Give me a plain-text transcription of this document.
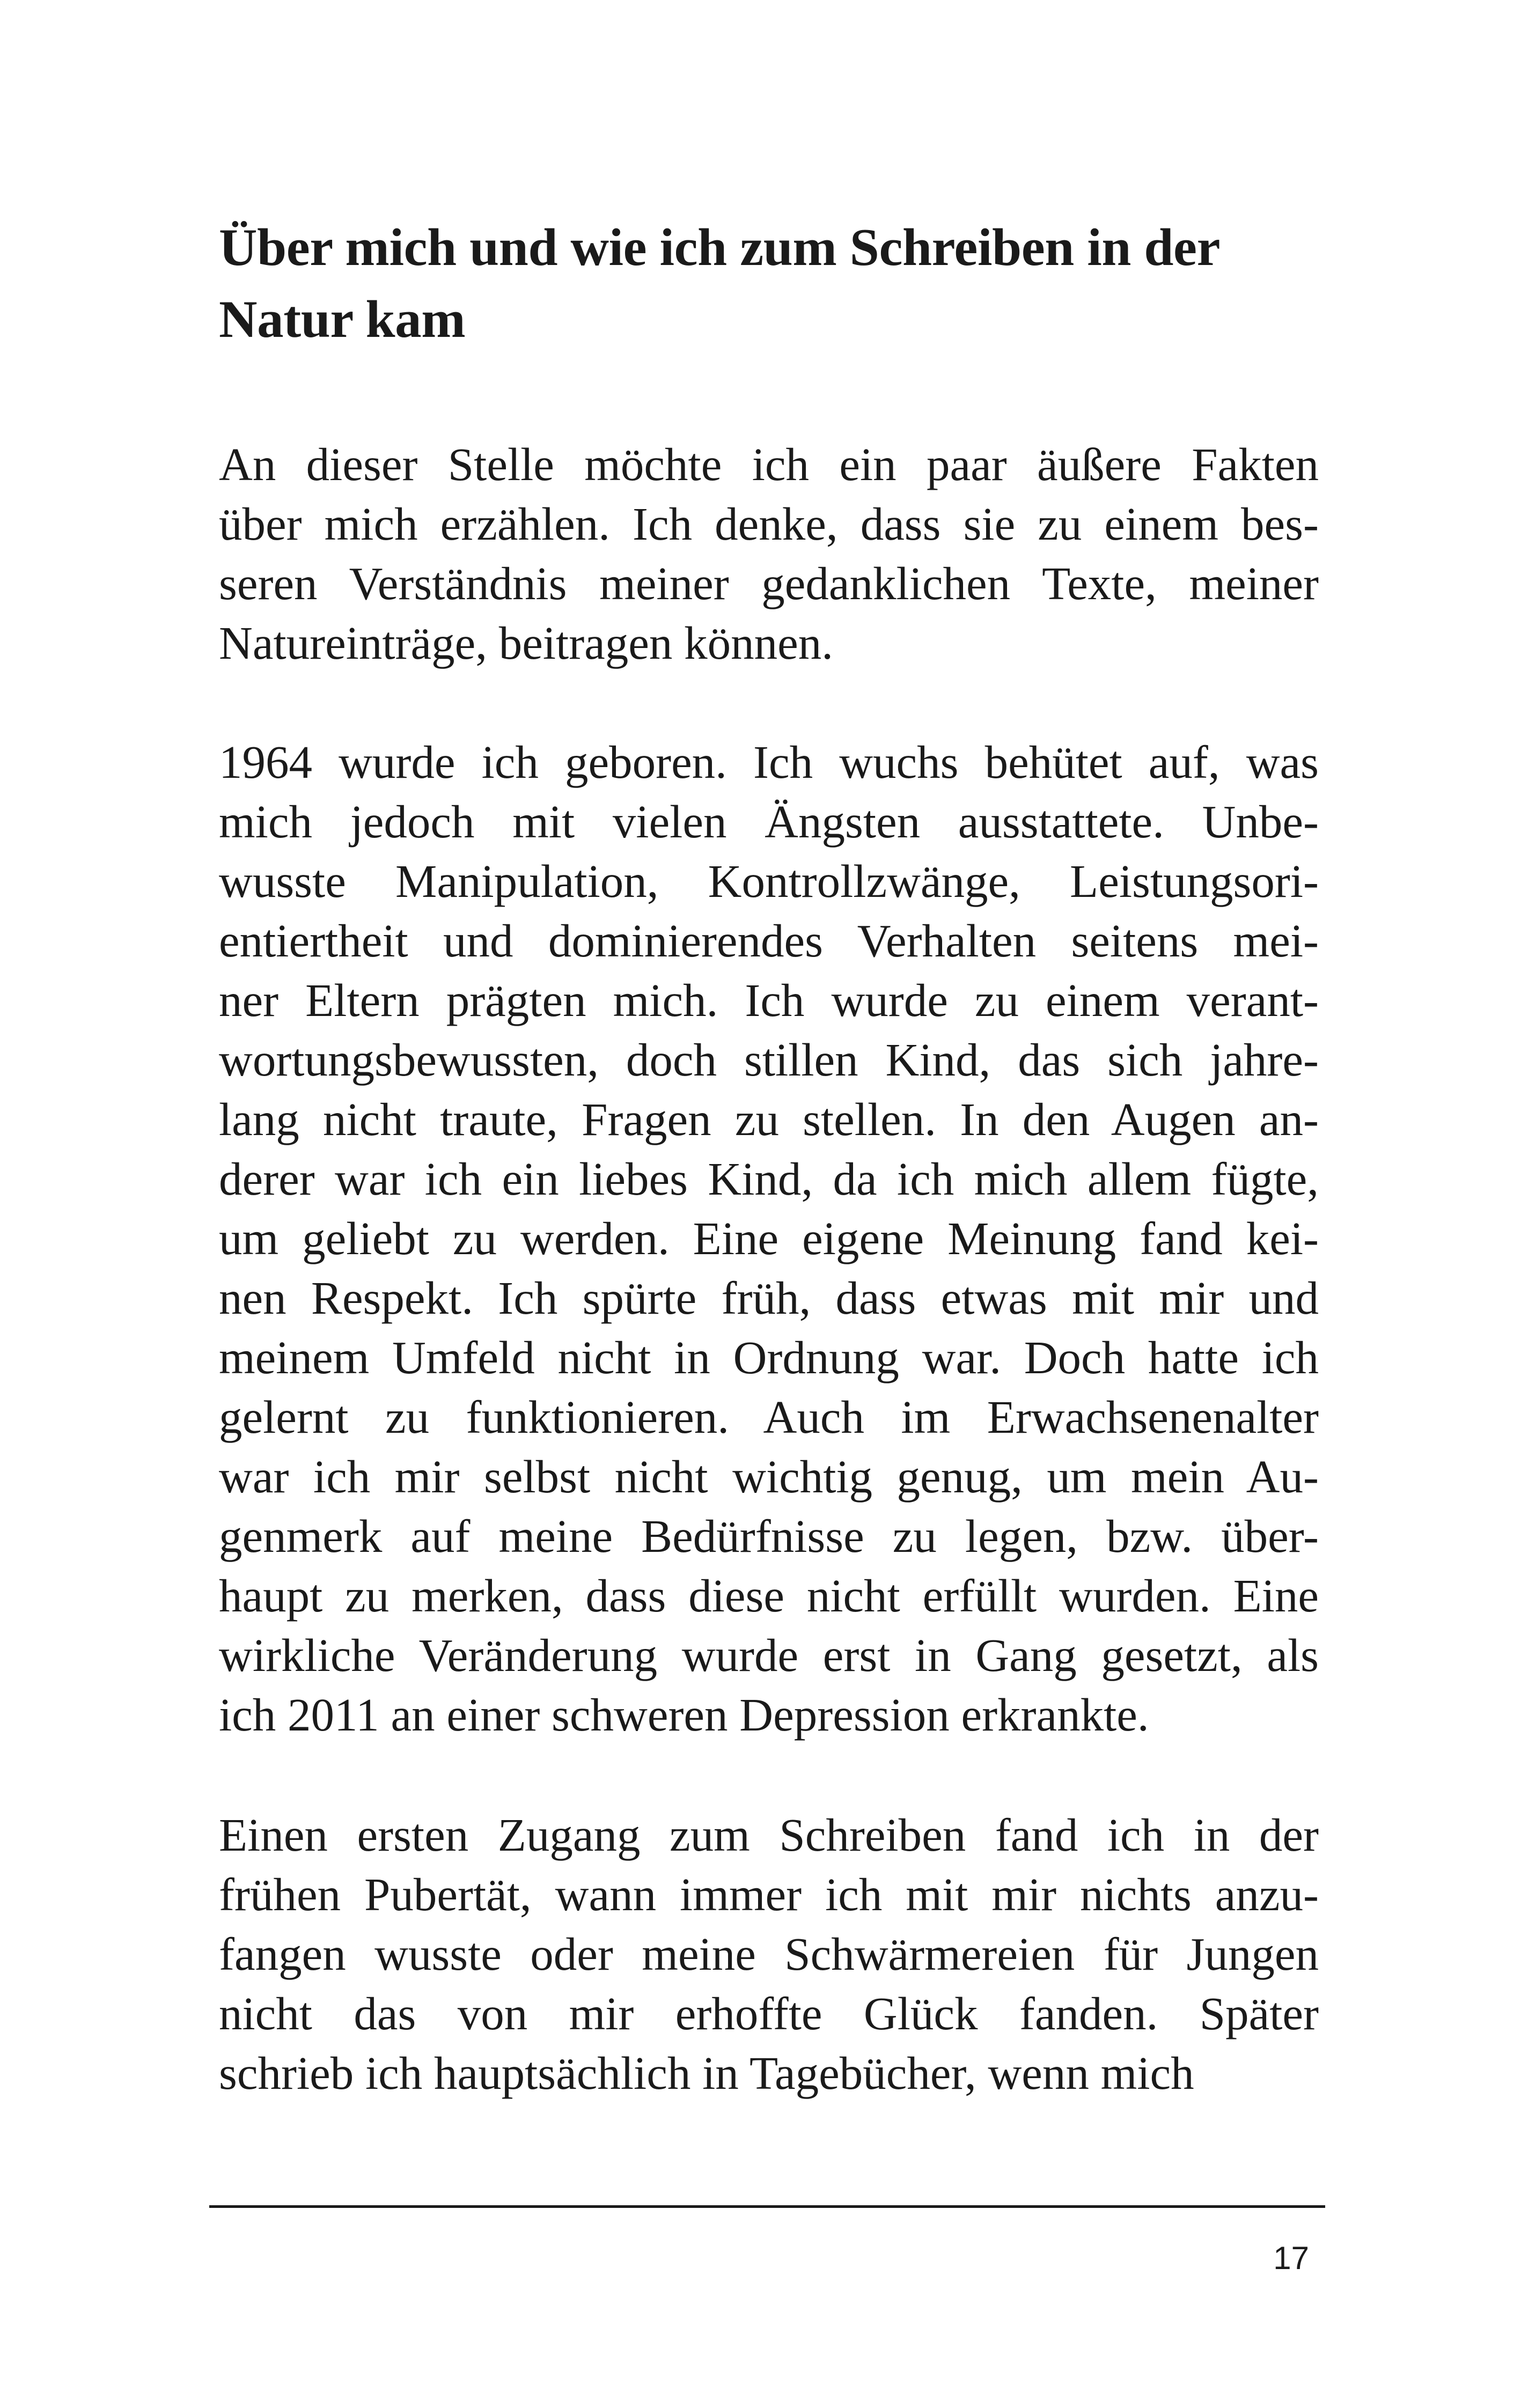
Über mich und wie ich zum Schreiben in der
Natur kam

An dieser Stelle möchte ich ein paar äußere Fakten
über mich erzählen. Ich denke, dass sie zu einem bes-
seren Verständnis meiner gedanklichen Texte, meiner
Natureinträge, beitragen können.

1964 wurde ich geboren. Ich wuchs behütet auf, was
mich jedoch mit vielen Ängsten ausstattete. Unbe-
wusste Manipulation, Kontrollzwänge, Leistungsori-
entiertheit und dominierendes Verhalten seitens mei-
ner Eltern prägten mich. Ich wurde zu einem verant-
wortungsbewussten, doch stillen Kind, das sich jahre-
lang nicht traute, Fragen zu stellen. In den Augen an-
derer war ich ein liebes Kind, da ich mich allem fügte,
um geliebt zu werden. Eine eigene Meinung fand kei-
nen Respekt. Ich spürte früh, dass etwas mit mir und
meinem Umfeld nicht in Ordnung war. Doch hatte ich
gelernt zu funktionieren. Auch im Erwachsenenalter
war ich mir selbst nicht wichtig genug, um mein Au-
genmerk auf meine Bedürfnisse zu legen, bzw. über-
haupt zu merken, dass diese nicht erfüllt wurden. Eine
wirkliche Veränderung wurde erst in Gang gesetzt, als
ich 2011 an einer schweren Depression erkrankte.

Einen ersten Zugang zum Schreiben fand ich in der
frühen Pubertät, wann immer ich mit mir nichts anzu-
fangen wusste oder meine Schwärmereien für Jungen
nicht das von mir erhoffte Glück fanden. Später
schrieb ich hauptsächlich in Tagebücher, wenn mich

17
